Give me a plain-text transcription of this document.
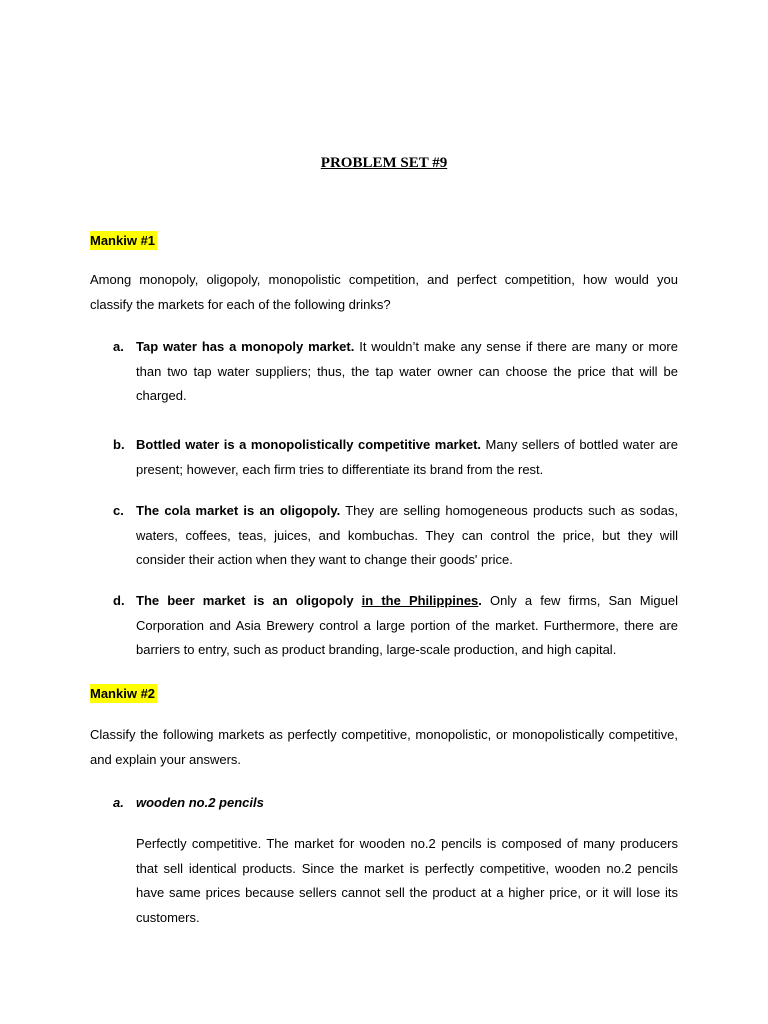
PROBLEM SET #9
Mankiw #1

Among monopoly, oligopoly, monopolistic competition, and perfect competition, how would you classify the markets for each of the following drinks?

a. Tap water has a monopoly market. It wouldn’t make any sense if there are many or more than two tap water suppliers; thus, the tap water owner can choose the price that will be charged.
b. Bottled water is a monopolistically competitive market. Many sellers of bottled water are present; however, each firm tries to differentiate its brand from the rest.
c. The cola market is an oligopoly. They are selling homogeneous products such as sodas, waters, coffees, teas, juices, and kombuchas. They can control the price, but they will consider their action when they want to change their goods' price.
d. The beer market is an oligopoly in the Philippines. Only a few firms, San Miguel Corporation and Asia Brewery control a large portion of the market. Furthermore, there are barriers to entry, such as product branding, large-scale production, and high capital.
Mankiw #2

Classify the following markets as perfectly competitive, monopolistic, or monopolistically competitive, and explain your answers.

a. wooden no.2 pencils

Perfectly competitive. The market for wooden no.2 pencils is composed of many producers that sell identical products. Since the market is perfectly competitive, wooden no.2 pencils have same prices because sellers cannot sell the product at a higher price, or it will lose its customers.
